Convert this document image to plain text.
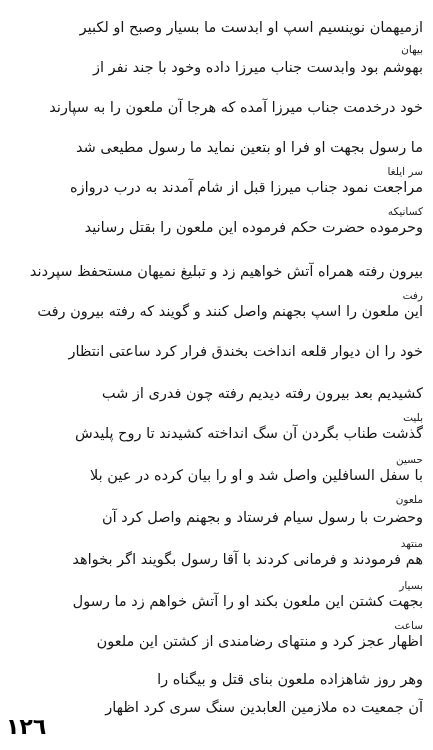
ازمیهمان نوینسیم اسپ او ابدست ما بسیار وصبح او لکبیر
بهوشم بود وابدست جناب میرزا داده وخود با جند نفر از
خود درخدمت جناب میرزا آمده که هرجا آن ملعون را به سپارند
ما رسول بجهت او فرا او بتعین نماید ما رسول مطیعی شد
مراجعت نمود جناب میرزا قبل از شام آمدند به درب دروازه
وحرموده حضرت حکم فرموده این ملعون را بقتل رسانید
بیرون رفته همراه آتش خواهیم زد و تبلیغ نمیهان مستحفظ سپردند
این ملعون را اسپ بجهنم واصل کنند و گویند که رفته بیرون رفت
خود را ان دیوار قلعه انداخت بخندق فرار کرد ساعتی انتظار
کشیدیم بعد بیرون رفته دیدیم رفته چون فدری از شب
گذشت طناب بگردن آن سگ انداخته کشیدند تا روح پلیدش
با سفل السافلین واصل شد و او را بیان کرده در عین بلا
وحضرت با رسول سیام فرستاد و بجهنم واصل کرد آن
هم فرمودند و فرمانی کردند با آقا رسول بگویند اگر بخواهد
بجهت کشتن این ملعون بکند او را آتش خواهم زد ما رسول
اظهار عجز کرد و منتهای رضامندی از کشتن این ملعون
وهر روز شاهزاده ملعون بنای قتل و بیگناه را
آن جمعیت ده ملازمین العابدین سنگ سری کرد اظهار
بیهان
سر ایلغا
کسانیکه
رفت
بلیت
حسین
ملعون
منتهد
بسیار
ساعت
١٢٦
